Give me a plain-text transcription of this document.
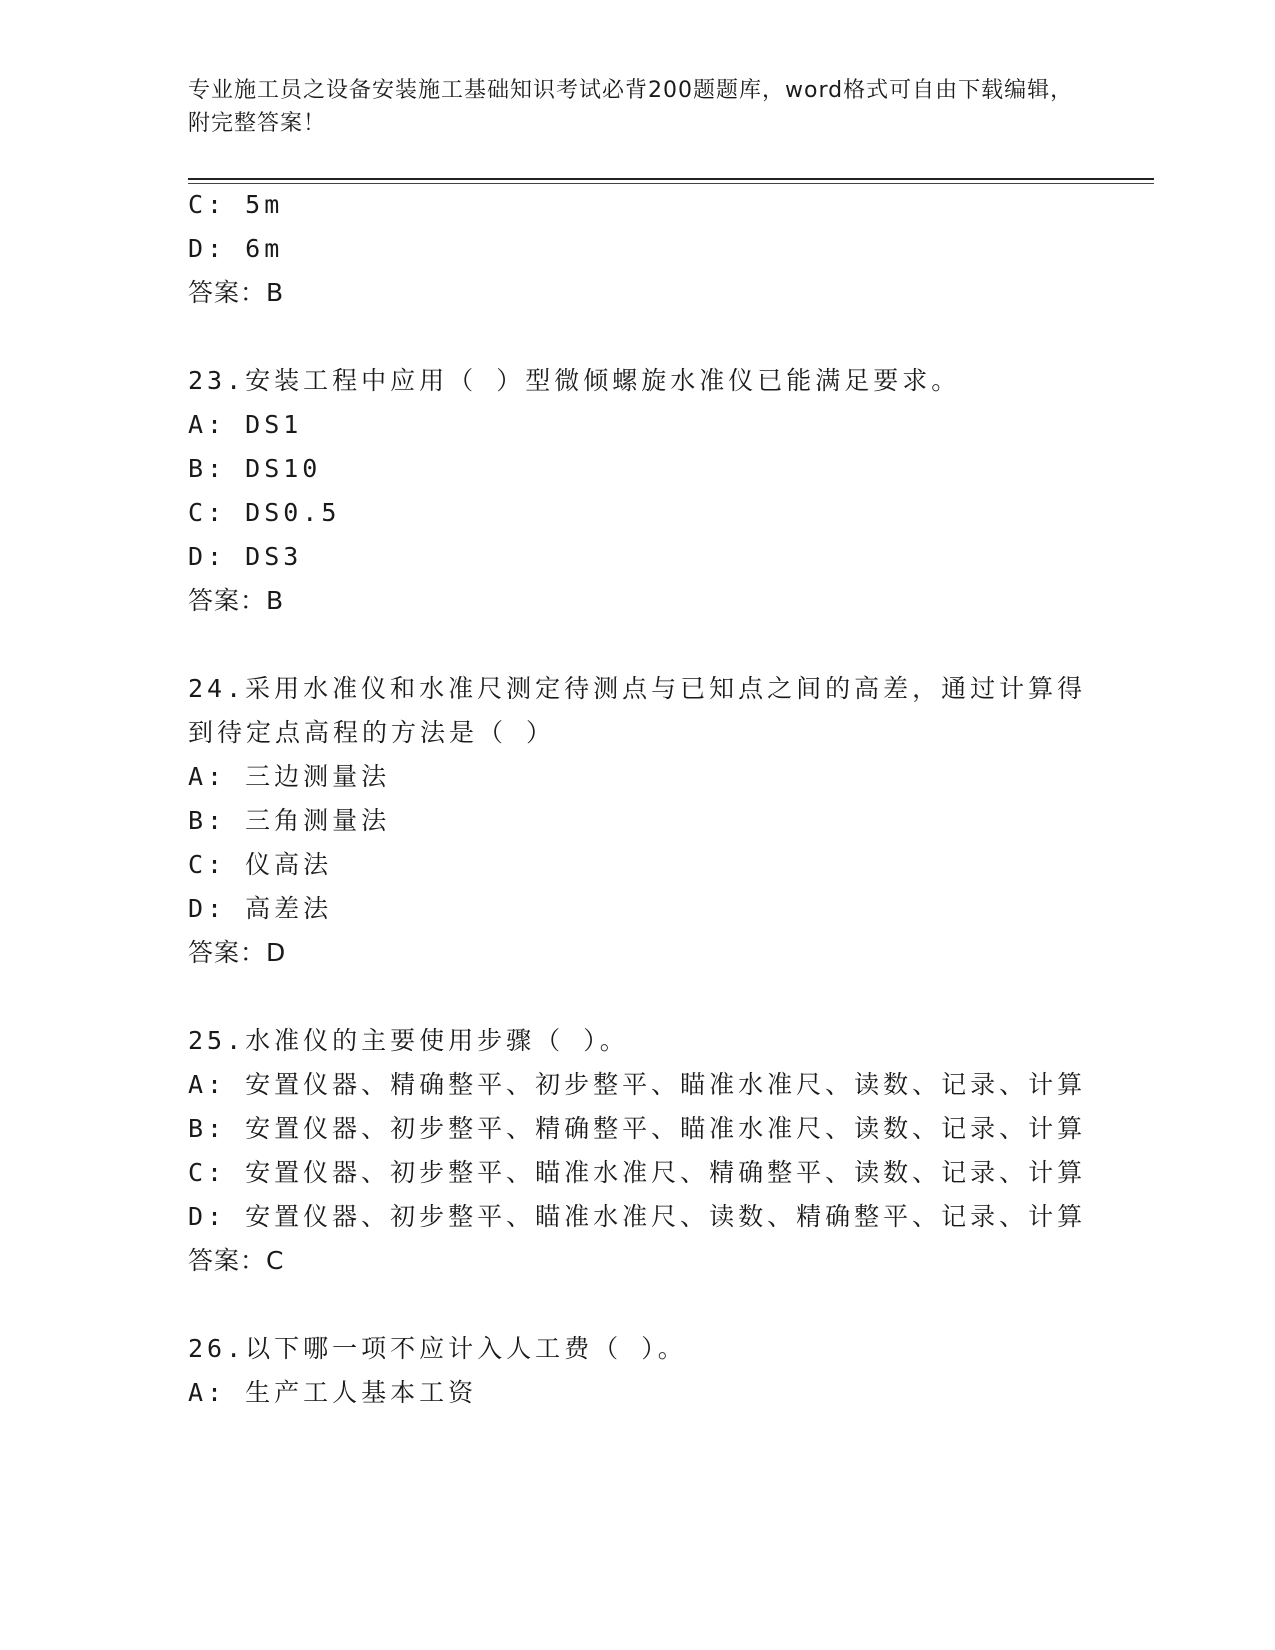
专业施工员之设备安装施工基础知识考试必背200题题库，word格式可自由下载编辑，附完整答案！
C: 5m
D: 6m
答案：B
23.安装工程中应用（ ）型微倾螺旋水准仪已能满足要求。
A: DS1
B: DS10
C: DS0.5
D: DS3
答案：B
24.采用水准仪和水准尺测定待测点与已知点之间的高差，通过计算得
到待定点高程的方法是（ ）
A: 三边测量法
B: 三角测量法
C: 仪高法
D: 高差法
答案：D
25.水准仪的主要使用步骤（ ）。
A: 安置仪器、精确整平、初步整平、瞄准水准尺、读数、记录、计算
B: 安置仪器、初步整平、精确整平、瞄准水准尺、读数、记录、计算
C: 安置仪器、初步整平、瞄准水准尺、精确整平、读数、记录、计算
D: 安置仪器、初步整平、瞄准水准尺、读数、精确整平、记录、计算
答案：C
26.以下哪一项不应计入人工费（ ）。
A: 生产工人基本工资
